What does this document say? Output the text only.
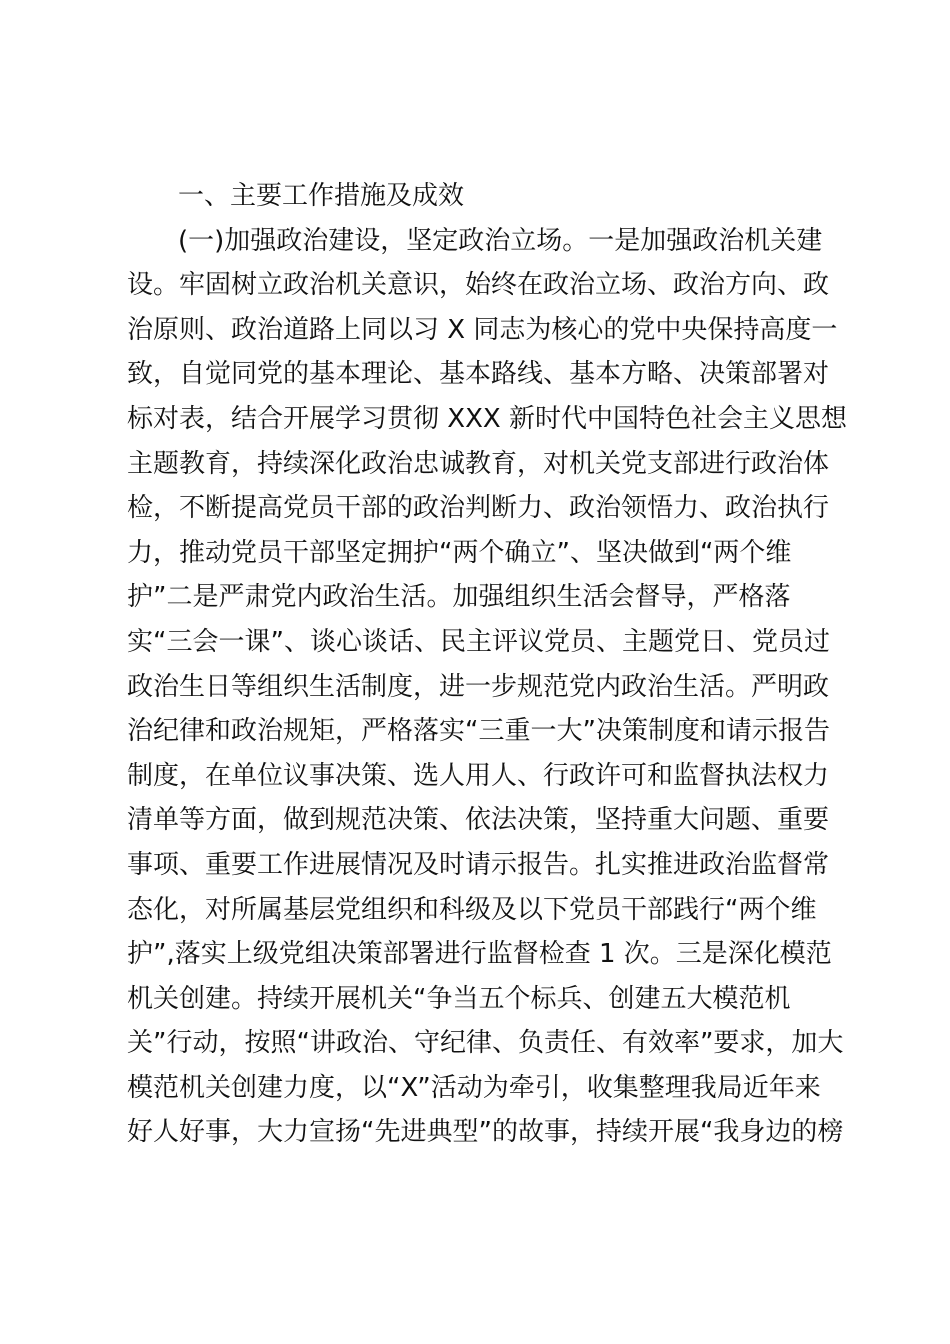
一、主要工作措施及成效
(一)加强政治建设，坚定政治立场。一是加强政治机关建
设。牢固树立政治机关意识，始终在政治立场、政治方向、政
治原则、政治道路上同以习 X 同志为核心的党中央保持高度一
致，自觉同党的基本理论、基本路线、基本方略、决策部署对
标对表，结合开展学习贯彻 XXX 新时代中国特色社会主义思想
主题教育，持续深化政治忠诚教育，对机关党支部进行政治体
检，不断提高党员干部的政治判断力、政治领悟力、政治执行
力，推动党员干部坚定拥护“两个确立”、坚决做到“两个维
护”二是严肃党内政治生活。加强组织生活会督导，严格落
实“三会一课”、谈心谈话、民主评议党员、主题党日、党员过
政治生日等组织生活制度，进一步规范党内政治生活。严明政
治纪律和政治规矩，严格落实“三重一大”决策制度和请示报告
制度，在单位议事决策、选人用人、行政许可和监督执法权力
清单等方面，做到规范决策、依法决策，坚持重大问题、重要
事项、重要工作进展情况及时请示报告。扎实推进政治监督常
态化，对所属基层党组织和科级及以下党员干部践行“两个维
护”,落实上级党组决策部署进行监督检查 1 次。三是深化模范
机关创建。持续开展机关“争当五个标兵、创建五大模范机
关”行动，按照“讲政治、守纪律、负责任、有效率”要求，加大
模范机关创建力度，以“X”活动为牵引，收集整理我局近年来
好人好事，大力宣扬“先进典型”的故事，持续开展“我身边的榜
